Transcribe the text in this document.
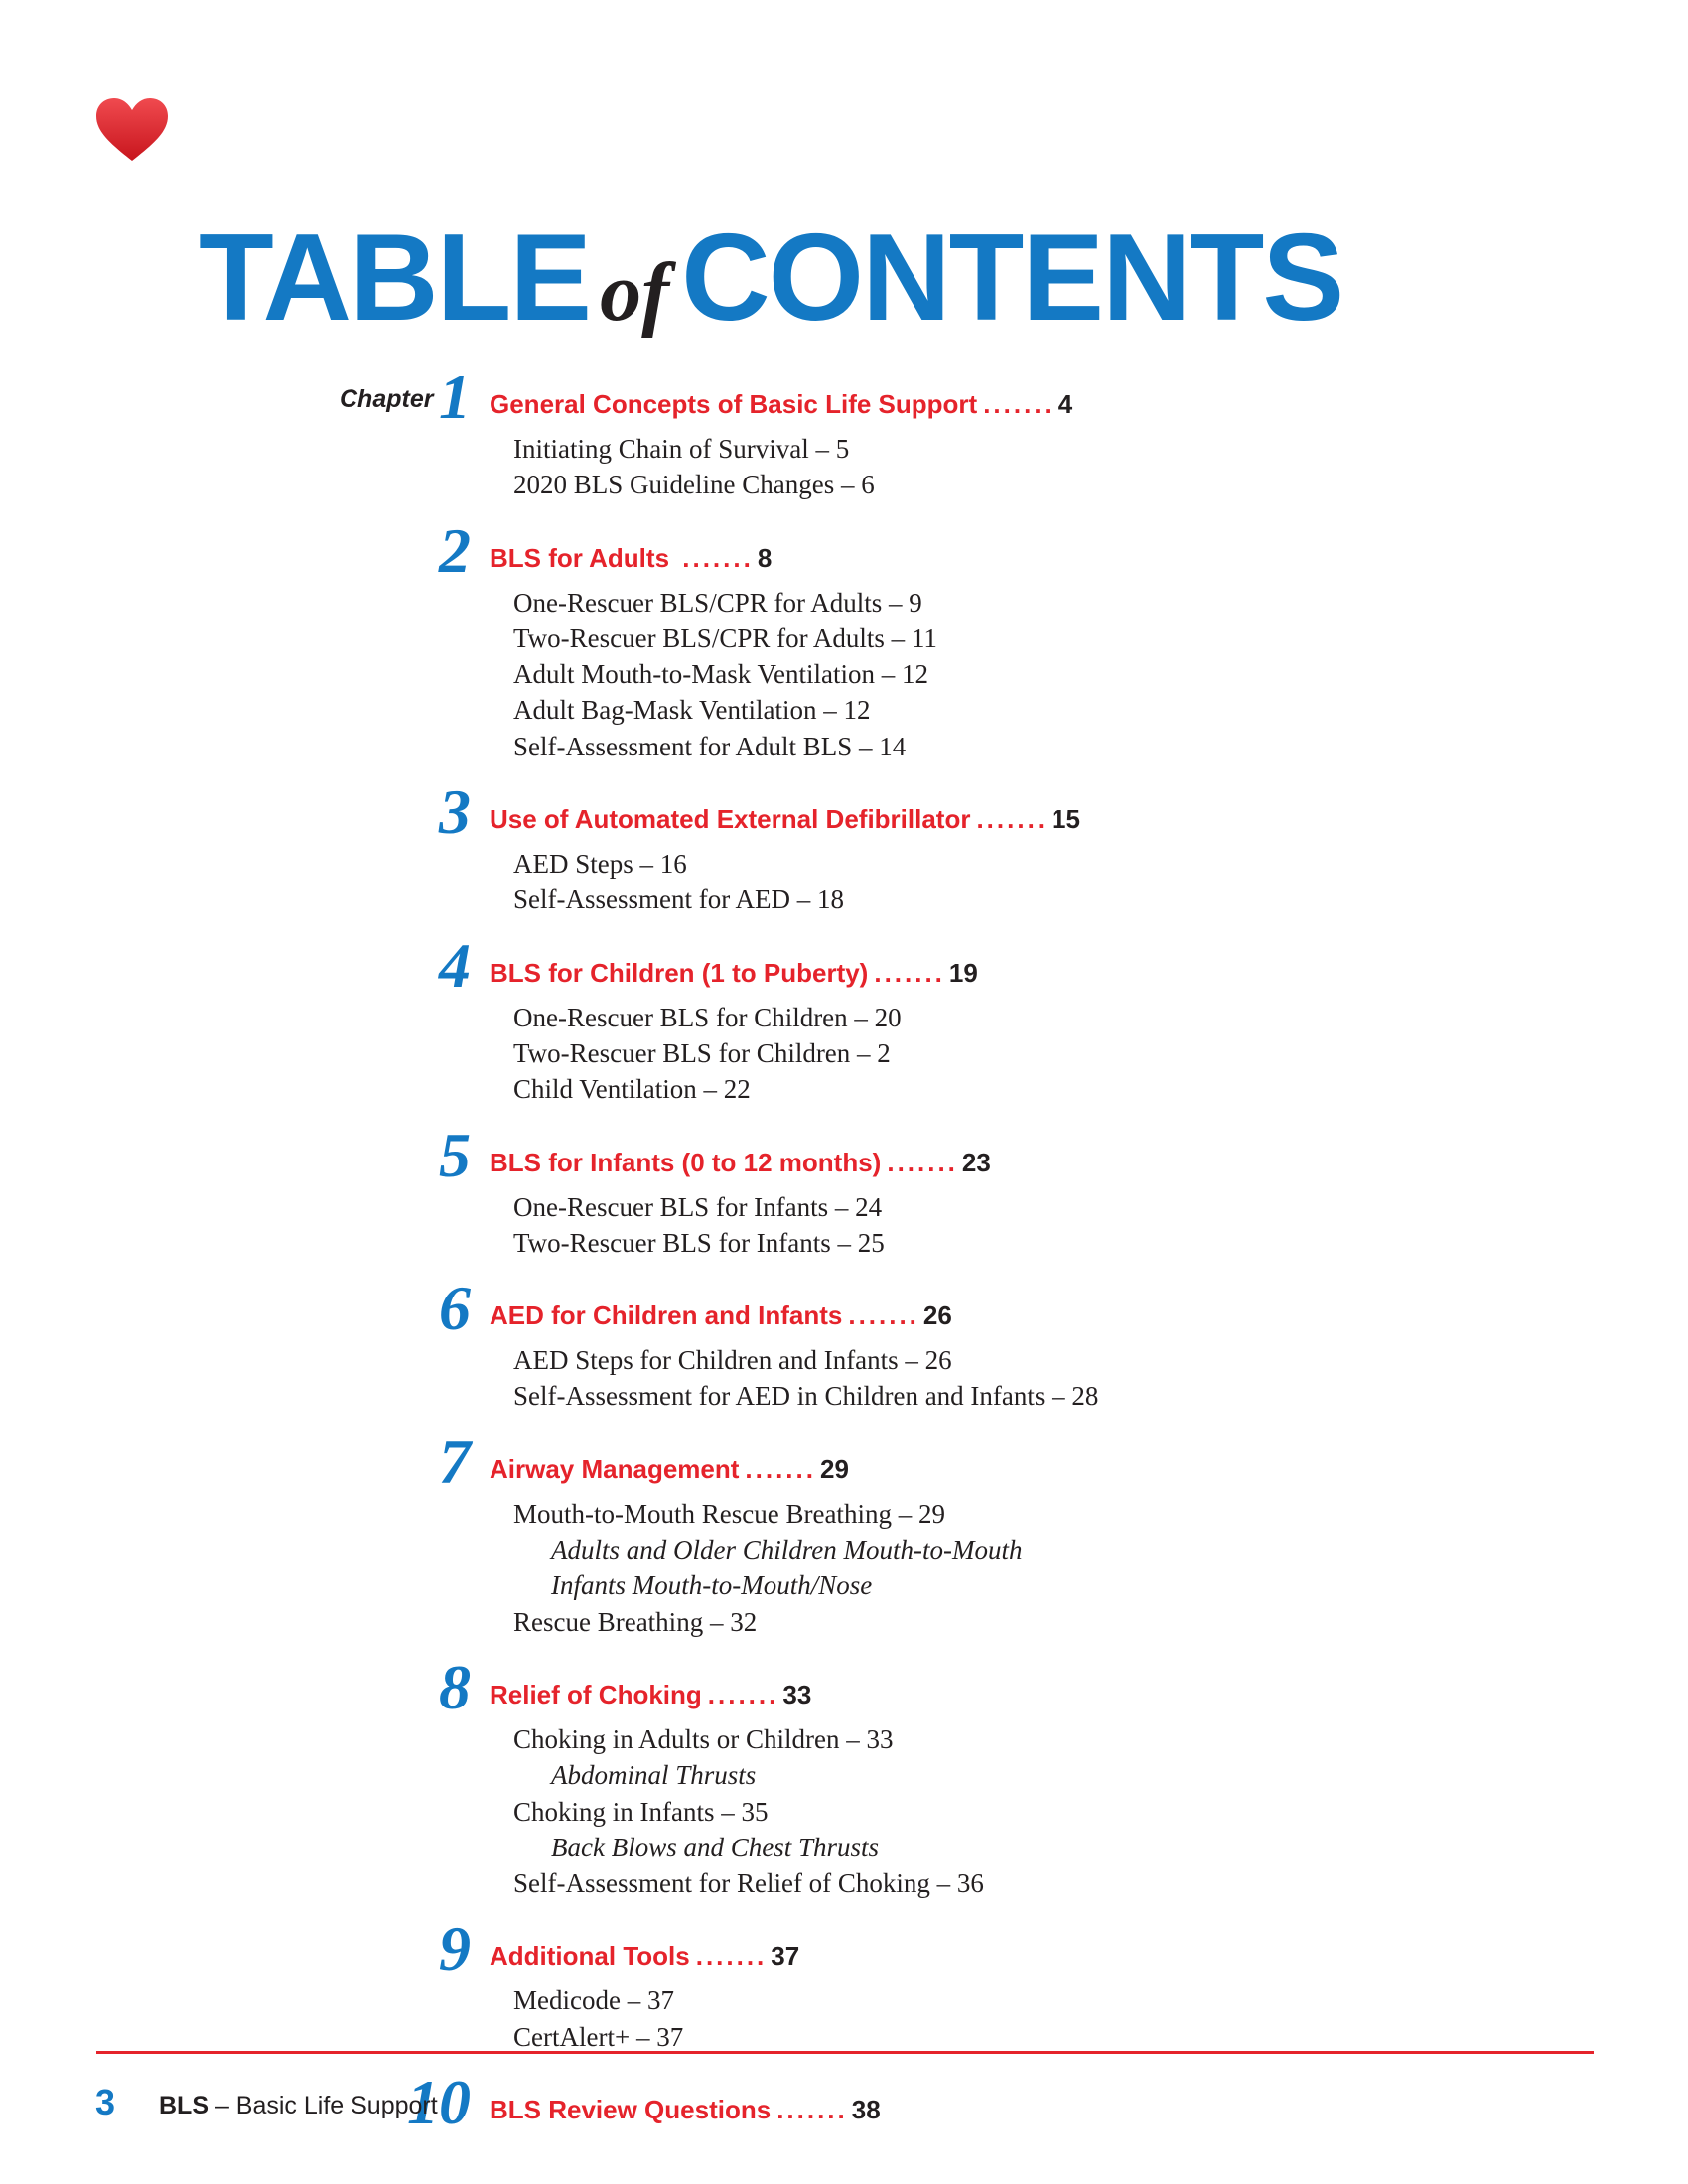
TABLE ofCONTENTS
Chapter 1 General Concepts of Basic Life Support ....... 4
Initiating Chain of Survival – 5
2020 BLS Guideline Changes – 6
2 BLS for Adults ....... 8
One-Rescuer BLS/CPR for Adults – 9
Two-Rescuer BLS/CPR for Adults – 11
Adult Mouth-to-Mask Ventilation – 12
Adult Bag-Mask Ventilation – 12
Self-Assessment for Adult BLS – 14
3 Use of Automated External Defibrillator ....... 15
AED Steps – 16
Self-Assessment for AED – 18
4 BLS for Children (1 to Puberty) ....... 19
One-Rescuer BLS for Children – 20
Two-Rescuer BLS for Children – 2
Child Ventilation – 22
5 BLS for Infants (0 to 12 months) ....... 23
One-Rescuer BLS for Infants – 24
Two-Rescuer BLS for Infants – 25
6 AED for Children and Infants ....... 26
AED Steps for Children and Infants – 26
Self-Assessment for AED in Children and Infants – 28
7 Airway Management ....... 29
Mouth-to-Mouth Rescue Breathing – 29
Adults and Older Children Mouth-to-Mouth
Infants Mouth-to-Mouth/Nose
Rescue Breathing – 32
8 Relief of Choking ....... 33
Choking in Adults or Children – 33
Abdominal Thrusts
Choking in Infants – 35
Back Blows and Chest Thrusts
Self-Assessment for Relief of Choking – 36
9 Additional Tools ....... 37
Medicode – 37
CertAlert+ – 37
10 BLS Review Questions ....... 38
3 BLS – Basic Life Support
